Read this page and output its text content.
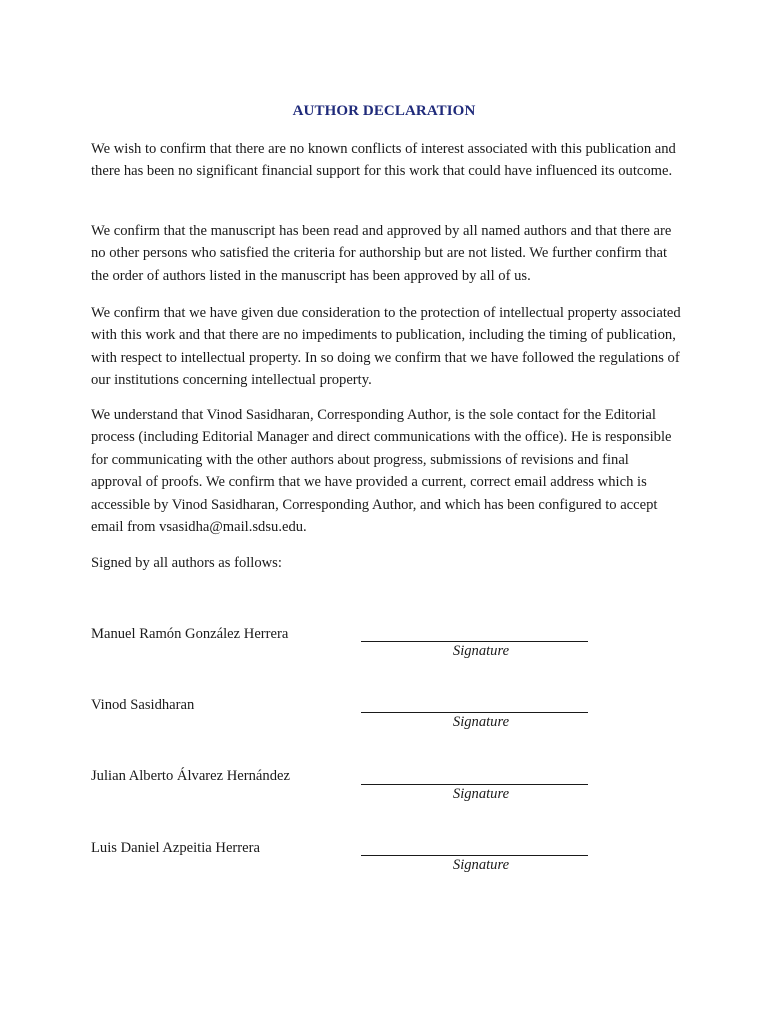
AUTHOR DECLARATION

We wish to confirm that there are no known conflicts of interest associated with this publication and there has been no significant financial support for this work that could have influenced its outcome.

We confirm that the manuscript has been read and approved by all named authors and that there are no other persons who satisfied the criteria for authorship but are not listed. We further confirm that the order of authors listed in the manuscript has been approved by all of us.

We confirm that we have given due consideration to the protection of intellectual property associated with this work and that there are no impediments to publication, including the timing of publication, with respect to intellectual property. In so doing we confirm that we have followed the regulations of our institutions concerning intellectual property.

We understand that Vinod Sasidharan, Corresponding Author, is the sole contact for the Editorial process (including Editorial Manager and direct communications with the office). He is responsible for communicating with the other authors about progress, submissions of revisions and final approval of proofs. We confirm that we have provided a current, correct email address which is accessible by Vinod Sasidharan, Corresponding Author, and which has been configured to accept email from vsasidha@mail.sdsu.edu.

Signed by all authors as follows:
Manuel Ramón González Herrera
Signature
Vinod Sasidharan
Signature
Julian Alberto Álvarez Hernández
Signature
Luis Daniel Azpeitia Herrera
Signature
